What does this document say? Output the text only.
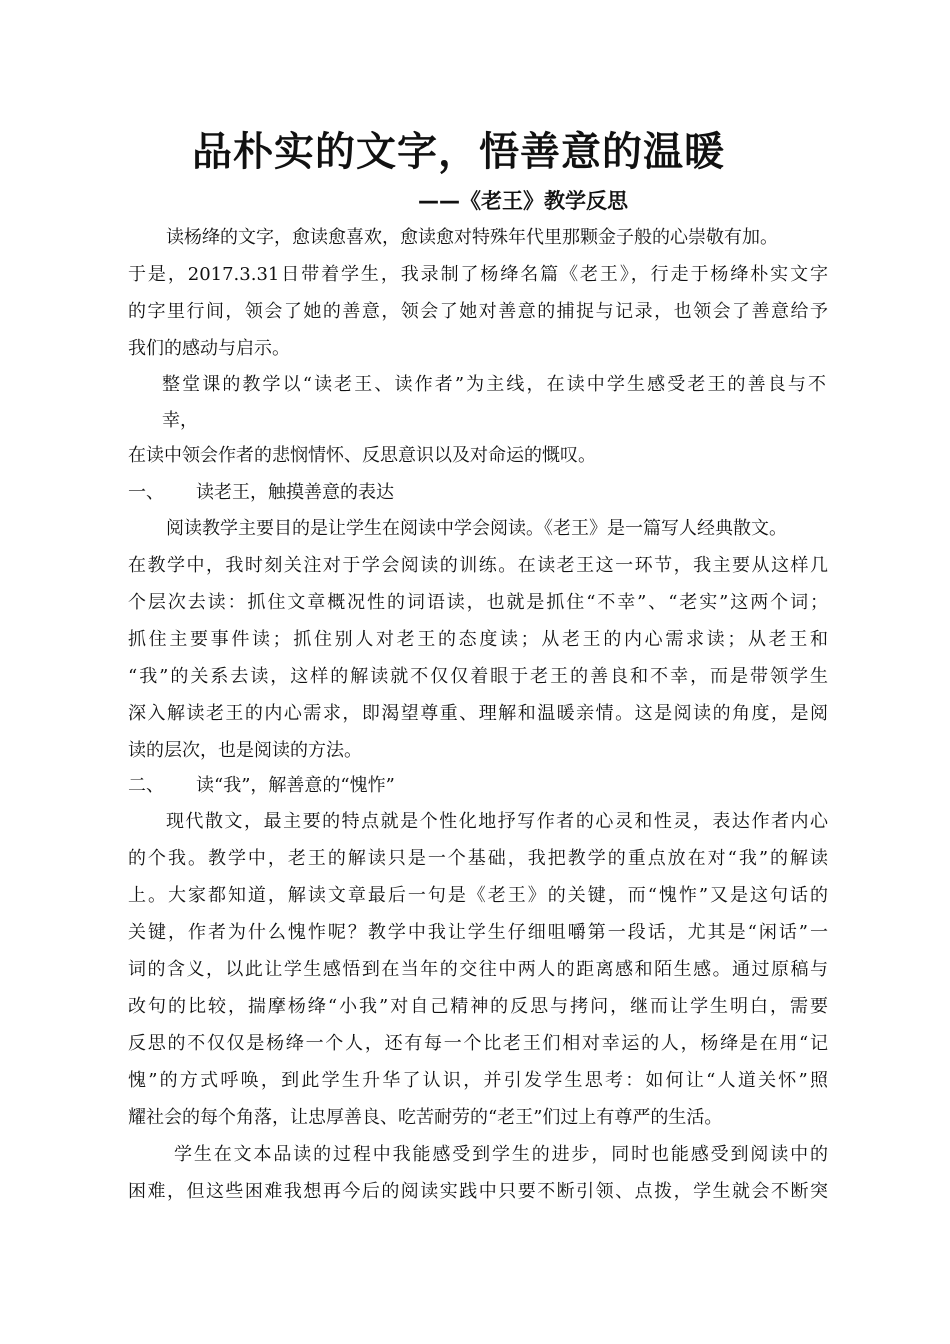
品朴实的文字，悟善意的温暖
——《老王》教学反思
读杨绛的文字，愈读愈喜欢，愈读愈对特殊年代里那颗金子般的心崇敬有加。
于是，2017.3.31日带着学生，我录制了杨绛名篇《老王》，行走于杨绛朴实文字
的字里行间，领会了她的善意，领会了她对善意的捕捉与记录，也领会了善意给予
我们的感动与启示。
整堂课的教学以“读老王、读作者”为主线，在读中学生感受老王的善良与不
幸，
在读中领会作者的悲悯情怀、反思意识以及对命运的慨叹。
一、 读老王，触摸善意的表达
阅读教学主要目的是让学生在阅读中学会阅读。《老王》是一篇写人经典散文。
在教学中，我时刻关注对于学会阅读的训练。在读老王这一环节，我主要从这样几
个层次去读：抓住文章概况性的词语读，也就是抓住“不幸”、“老实”这两个词；
抓住主要事件读；抓住别人对老王的态度读；从老王的内心需求读；从老王和
“我”的关系去读，这样的解读就不仅仅着眼于老王的善良和不幸，而是带领学生
深入解读老王的内心需求，即渴望尊重、理解和温暖亲情。这是阅读的角度，是阅
读的层次，也是阅读的方法。
二、 读“我”，解善意的“愧怍”
现代散文，最主要的特点就是个性化地抒写作者的心灵和性灵，表达作者内心
的个我。教学中，老王的解读只是一个基础，我把教学的重点放在对“我”的解读
上。大家都知道，解读文章最后一句是《老王》的关键，而“愧怍”又是这句话的
关键，作者为什么愧怍呢？教学中我让学生仔细咀嚼第一段话，尤其是“闲话”一
词的含义，以此让学生感悟到在当年的交往中两人的距离感和陌生感。通过原稿与
改句的比较，揣摩杨绛“小我”对自己精神的反思与拷问，继而让学生明白，需要
反思的不仅仅是杨绛一个人，还有每一个比老王们相对幸运的人，杨绛是在用“记
愧”的方式呼唤，到此学生升华了认识，并引发学生思考：如何让“人道关怀”照
耀社会的每个角落，让忠厚善良、吃苦耐劳的“老王”们过上有尊严的生活。
学生在文本品读的过程中我能感受到学生的进步，同时也能感受到阅读中的
困难，但这些困难我想再今后的阅读实践中只要不断引领、点拨，学生就会不断突
